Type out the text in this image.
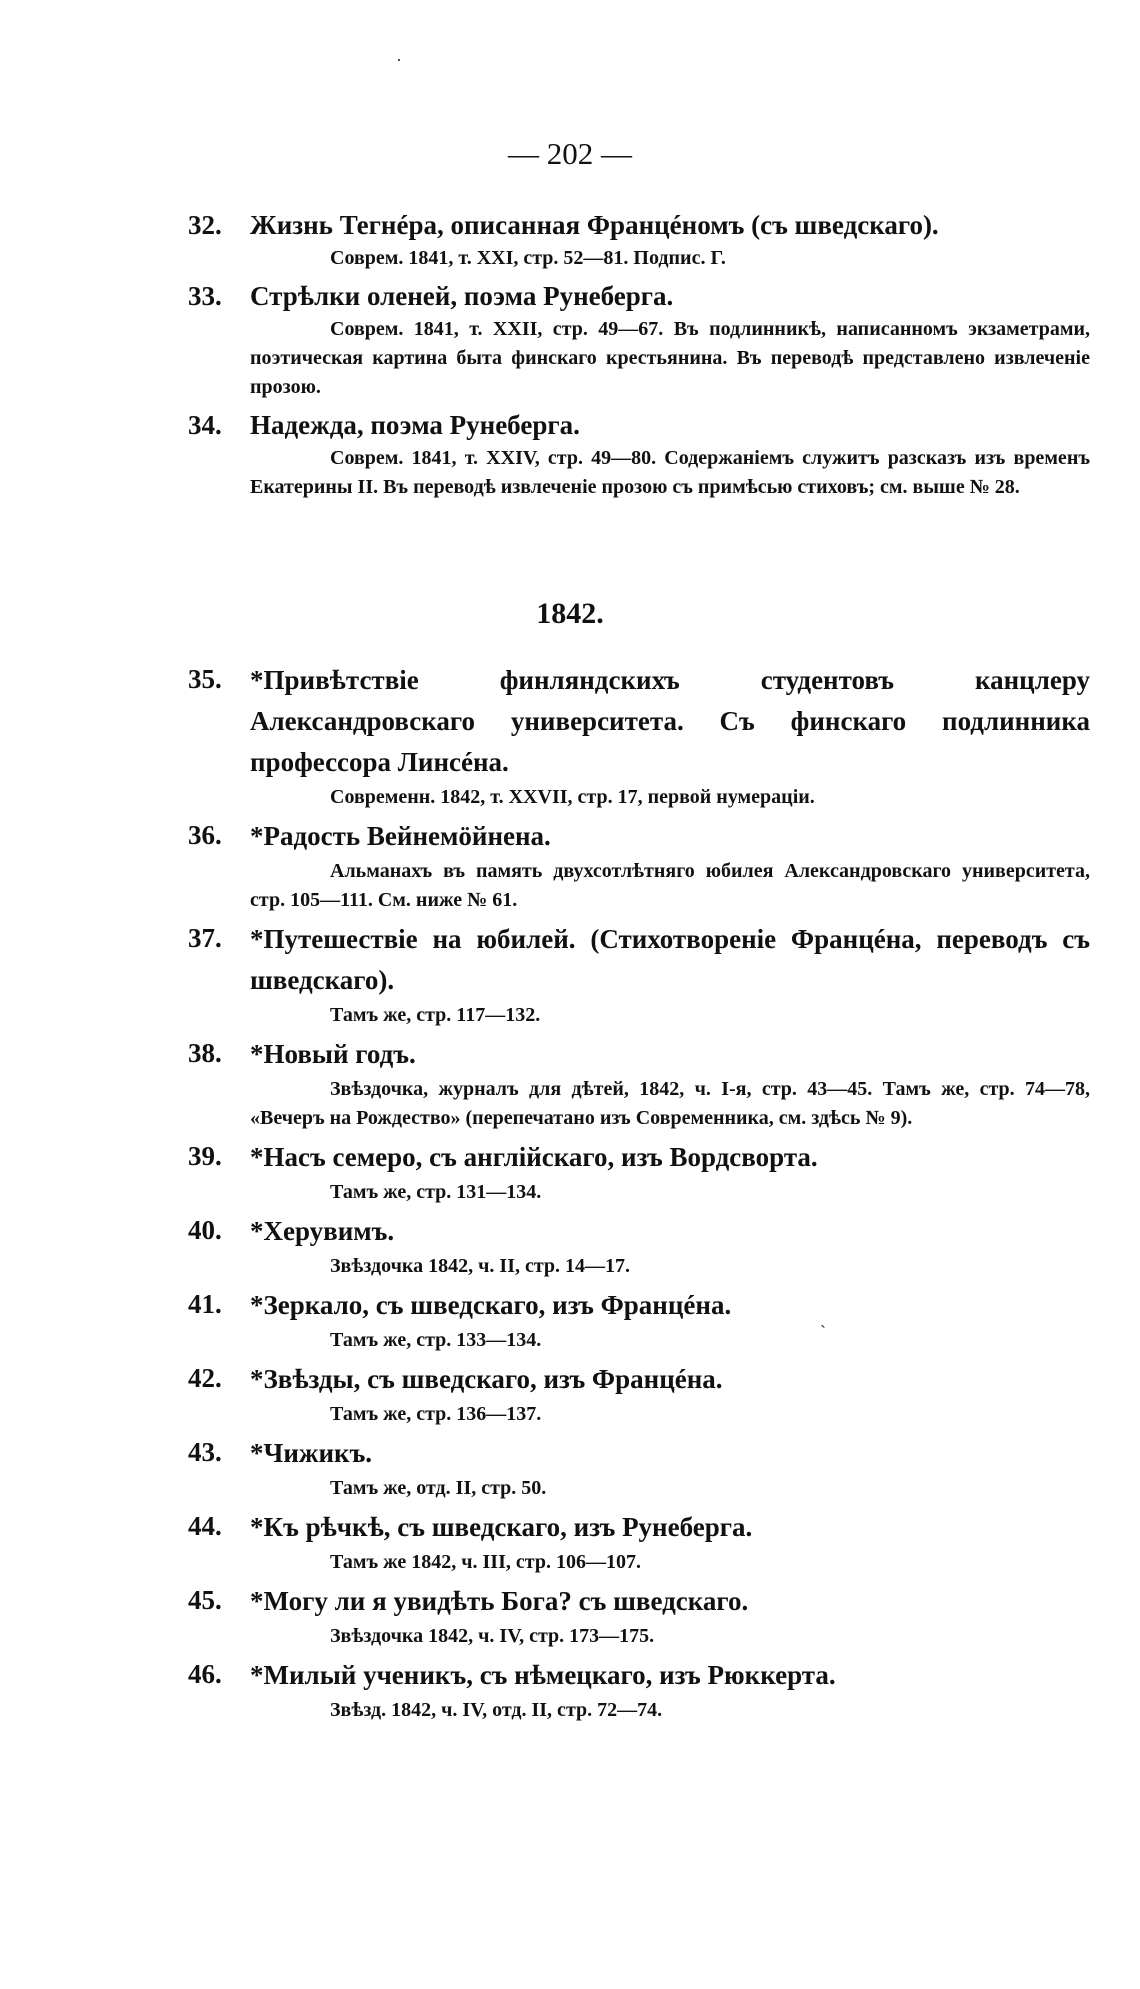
·
— 202 —
32.	Жизнь Тегнéра, описанная Францéномъ (съ шведскаго).
Соврем. 1841, т. XXI, стр. 52—81. Подпис. Г.
33.	Стрѣлки оленей, поэма Рунеберга.
Соврем. 1841, т. XXII, стр. 49—67. Въ подлинникѣ, написанномъ экзаметрами, поэтическая картина быта финскаго крестьянина. Въ переводѣ представлено извлеченіе прозою.
34.	Надежда, поэма Рунеберга.
Соврем. 1841, т. XXIV, стр. 49—80. Содержаніемъ служитъ разсказъ изъ временъ Екатерины II. Въ переводѣ извлеченіе прозою съ примѣсью стиховъ; см. выше № 28.
1842.
35.	*Привѣтствіе финляндскихъ студентовъ канцлеру Александровскаго университета. Съ финскаго подлинника профессора Линсéна.
Современн. 1842, т. XXVII, стр. 17, первой нумераціи.
36.	*Радость Вейнемӧйнена.
Альманахъ въ память двухсотлѣтняго юбилея Александровскаго университета, стр. 105—111. См. ниже № 61.
37.	*Путешествіе на юбилей. (Стихотвореніе Францéна, переводъ съ шведскаго).
Тамъ же, стр. 117—132.
38.	*Новый годъ.
Звѣздочка, журналъ для дѣтей, 1842, ч. I-я, стр. 43—45. Тамъ же, стр. 74—78, «Вечеръ на Рождество» (перепечатано изъ Современника, см. здѣсь № 9).
39.	*Насъ семеро, съ англійскаго, изъ Вордсворта.
Тамъ же, стр. 131—134.
40.	*Херувимъ.
Звѣздочка 1842, ч. II, стр. 14—17.
41.	*Зеркало, съ шведскаго, изъ Францéна.
Тамъ же, стр. 133—134.
42.	*Звѣзды, съ шведскаго, изъ Францéна.
Тамъ же, стр. 136—137.
43.	*Чижикъ.
Тамъ же, отд. II, стр. 50.
44.	*Къ рѣчкѣ, съ шведскаго, изъ Рунеберга.
Тамъ же 1842, ч. III, стр. 106—107.
45.	*Могу ли я увидѣть Бога? съ шведскаго.
Звѣздочка 1842, ч. IV, стр. 173—175.
46.	*Милый ученикъ, съ нѣмецкаго, изъ Рюккерта.
Звѣзд. 1842, ч. IV, отд. II, стр. 72—74.
ˋ
